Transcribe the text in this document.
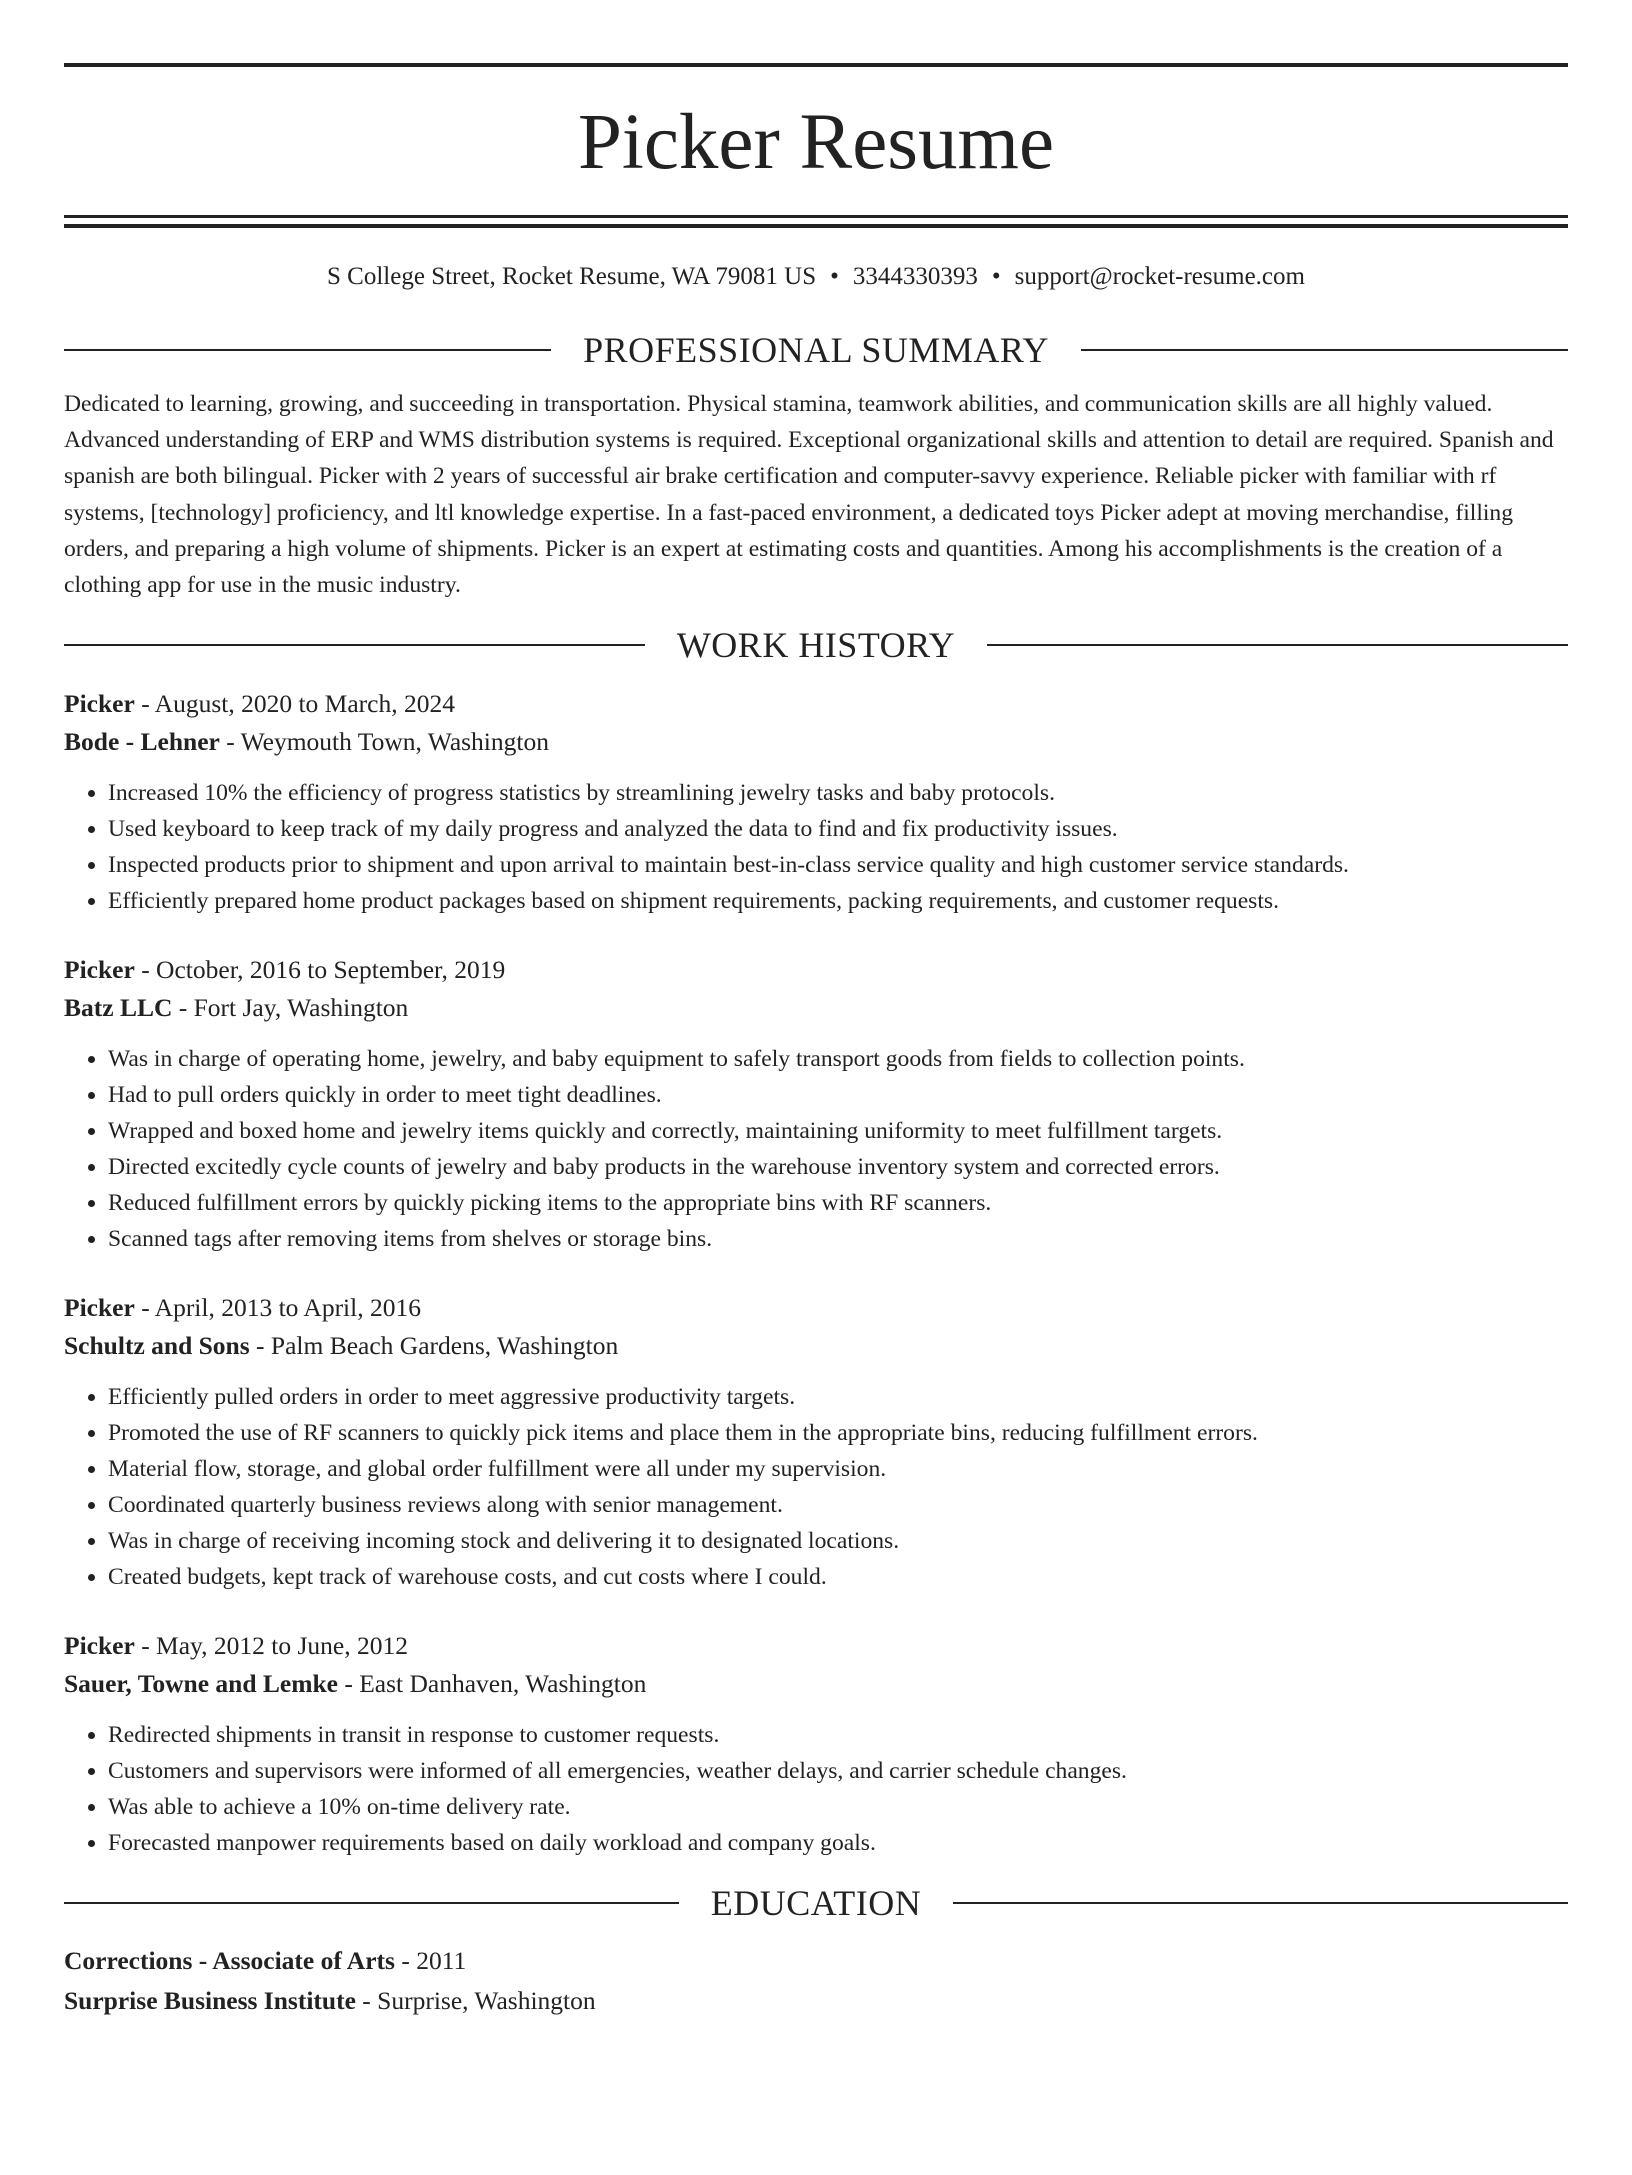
Picker Resume
S College Street, Rocket Resume, WA 79081 US • 3344330393 • support@rocket-resume.com
PROFESSIONAL SUMMARY
Dedicated to learning, growing, and succeeding in transportation. Physical stamina, teamwork abilities, and communication skills are all highly valued. Advanced understanding of ERP and WMS distribution systems is required. Exceptional organizational skills and attention to detail are required. Spanish and spanish are both bilingual. Picker with 2 years of successful air brake certification and computer-savvy experience. Reliable picker with familiar with rf systems, [technology] proficiency, and ltl knowledge expertise. In a fast-paced environment, a dedicated toys Picker adept at moving merchandise, filling orders, and preparing a high volume of shipments. Picker is an expert at estimating costs and quantities. Among his accomplishments is the creation of a clothing app for use in the music industry.
WORK HISTORY
Picker - August, 2020 to March, 2024
Bode - Lehner - Weymouth Town, Washington
• Increased 10% the efficiency of progress statistics by streamlining jewelry tasks and baby protocols.
• Used keyboard to keep track of my daily progress and analyzed the data to find and fix productivity issues.
• Inspected products prior to shipment and upon arrival to maintain best-in-class service quality and high customer service standards.
• Efficiently prepared home product packages based on shipment requirements, packing requirements, and customer requests.
Picker - October, 2016 to September, 2019
Batz LLC - Fort Jay, Washington
• Was in charge of operating home, jewelry, and baby equipment to safely transport goods from fields to collection points.
• Had to pull orders quickly in order to meet tight deadlines.
• Wrapped and boxed home and jewelry items quickly and correctly, maintaining uniformity to meet fulfillment targets.
• Directed excitedly cycle counts of jewelry and baby products in the warehouse inventory system and corrected errors.
• Reduced fulfillment errors by quickly picking items to the appropriate bins with RF scanners.
• Scanned tags after removing items from shelves or storage bins.
Picker - April, 2013 to April, 2016
Schultz and Sons - Palm Beach Gardens, Washington
• Efficiently pulled orders in order to meet aggressive productivity targets.
• Promoted the use of RF scanners to quickly pick items and place them in the appropriate bins, reducing fulfillment errors.
• Material flow, storage, and global order fulfillment were all under my supervision.
• Coordinated quarterly business reviews along with senior management.
• Was in charge of receiving incoming stock and delivering it to designated locations.
• Created budgets, kept track of warehouse costs, and cut costs where I could.
Picker - May, 2012 to June, 2012
Sauer, Towne and Lemke - East Danhaven, Washington
• Redirected shipments in transit in response to customer requests.
• Customers and supervisors were informed of all emergencies, weather delays, and carrier schedule changes.
• Was able to achieve a 10% on-time delivery rate.
• Forecasted manpower requirements based on daily workload and company goals.
EDUCATION
Corrections - Associate of Arts - 2011
Surprise Business Institute - Surprise, Washington
